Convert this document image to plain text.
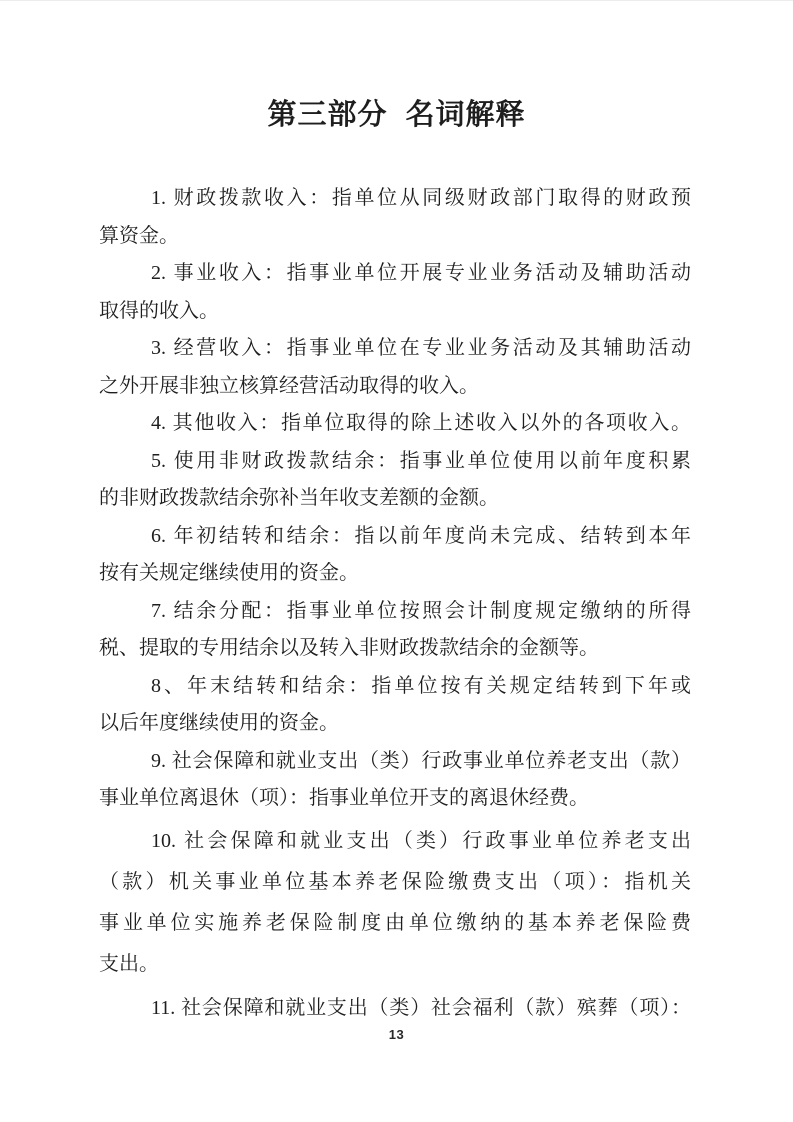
第三部分 名词解释
1. 财政拨款收入：指单位从同级财政部门取得的财政预
算资金。
2. 事业收入：指事业单位开展专业业务活动及辅助活动
取得的收入。
3. 经营收入：指事业单位在专业业务活动及其辅助活动
之外开展非独立核算经营活动取得的收入。
4. 其他收入：指单位取得的除上述收入以外的各项收入。
5. 使用非财政拨款结余：指事业单位使用以前年度积累
的非财政拨款结余弥补当年收支差额的金额。
6. 年初结转和结余：指以前年度尚未完成、结转到本年
按有关规定继续使用的资金。
7. 结余分配：指事业单位按照会计制度规定缴纳的所得
税、提取的专用结余以及转入非财政拨款结余的金额等。
8、年末结转和结余：指单位按有关规定结转到下年或
以后年度继续使用的资金。
9. 社会保障和就业支出（类）行政事业单位养老支出（款）
事业单位离退休（项）：指事业单位开支的离退休经费。
10. 社会保障和就业支出（类）行政事业单位养老支出
（款）机关事业单位基本养老保险缴费支出（项）：指机关
事业单位实施养老保险制度由单位缴纳的基本养老保险费
支出。
11. 社会保障和就业支出（类）社会福利（款）殡葬（项）：
13
